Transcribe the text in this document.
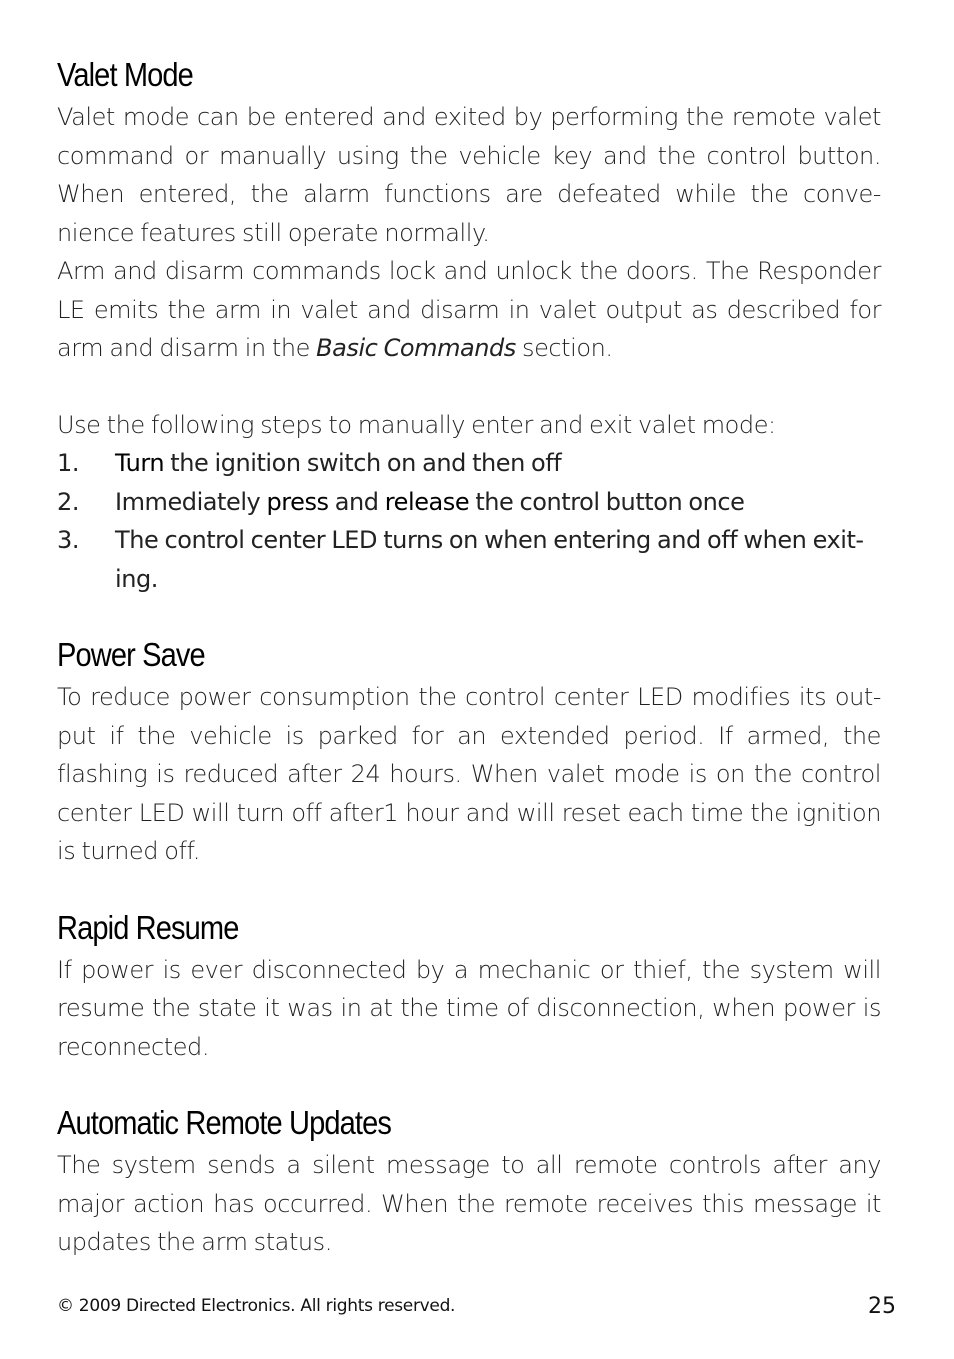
Valet Mode

Valet mode can be entered and exited by performing the remote valet command or manually using the vehicle key and the control button. When entered, the alarm functions are defeated while the conve-nience features still operate normally.

Arm and disarm commands lock and unlock the doors. The Responder LE emits the arm in valet and disarm in valet output as described for arm and disarm in the Basic Commands section.

Use the following steps to manually enter and exit valet mode:

1. Turn the ignition switch on and then off
2. Immediately press and release the control button once
3. The control center LED turns on when entering and off when exit-ing.
Power Save

To reduce power consumption the control center LED modifies its out-put if the vehicle is parked for an extended period. If armed, the flashing is reduced after 24 hours. When valet mode is on the control center LED will turn off after1 hour and will reset each time the ignition is turned off.

Rapid Resume

If power is ever disconnected by a mechanic or thief, the system will resume the state it was in at the time of disconnection, when power is reconnected.

Automatic Remote Updates

The system sends a silent message to all remote controls after any major action has occurred. When the remote receives this message it updates the arm status.

© 2009 Directed Electronics. All rights reserved.	25
